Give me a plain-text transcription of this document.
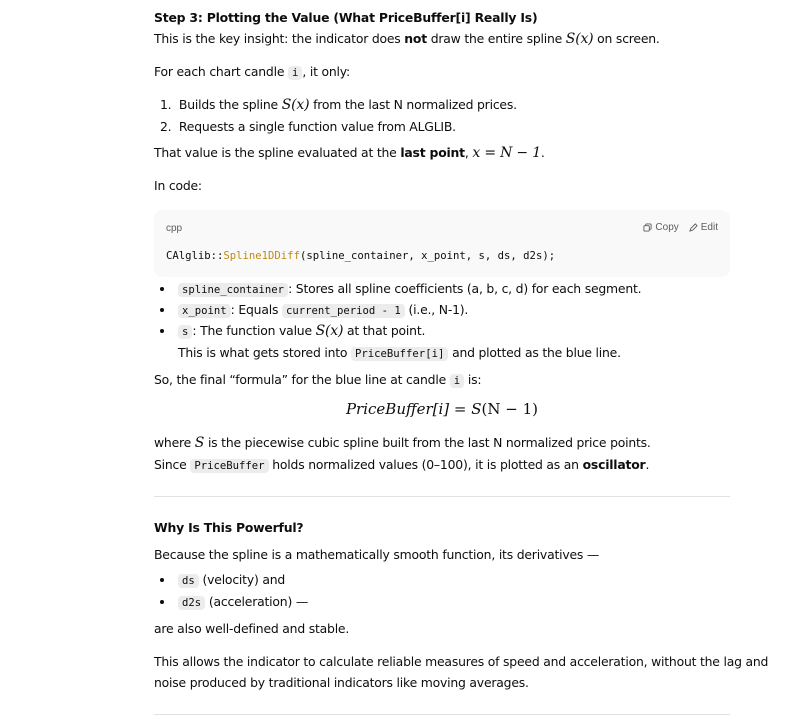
Step 3: Plotting the Value (What PriceBuffer[i] Really Is)
This is the key insight: the indicator does not draw the entire spline S(x) on screen.
For each chart candle i , it only:
1. Builds the spline S(x) from the last N normalized prices.
2. Requests a single function value from ALGLIB.
That value is the spline evaluated at the last point, x = N − 1.
In code:
cpp	Copy Edit
CAlglib::Spline1DDiff(spline_container, x_point, s, ds, d2s);
spline_container : Stores all spline coefficients (a, b, c, d) for each segment.
x_point : Equals current_period - 1 (i.e., N-1).
s : The function value S(x) at that point.
This is what gets stored into PriceBuffer[i] and plotted as the blue line.
So, the final “formula” for the blue line at candle i is:
PriceBuffer[i] = S(N − 1)
where S is the piecewise cubic spline built from the last N normalized price points.
Since PriceBuffer holds normalized values (0–100), it is plotted as an oscillator.
Why Is This Powerful?
Because the spline is a mathematically smooth function, its derivatives —
ds (velocity) and
d2s (acceleration) —
are also well-defined and stable.
This allows the indicator to calculate reliable measures of speed and acceleration, without the lag and
noise produced by traditional indicators like moving averages.
